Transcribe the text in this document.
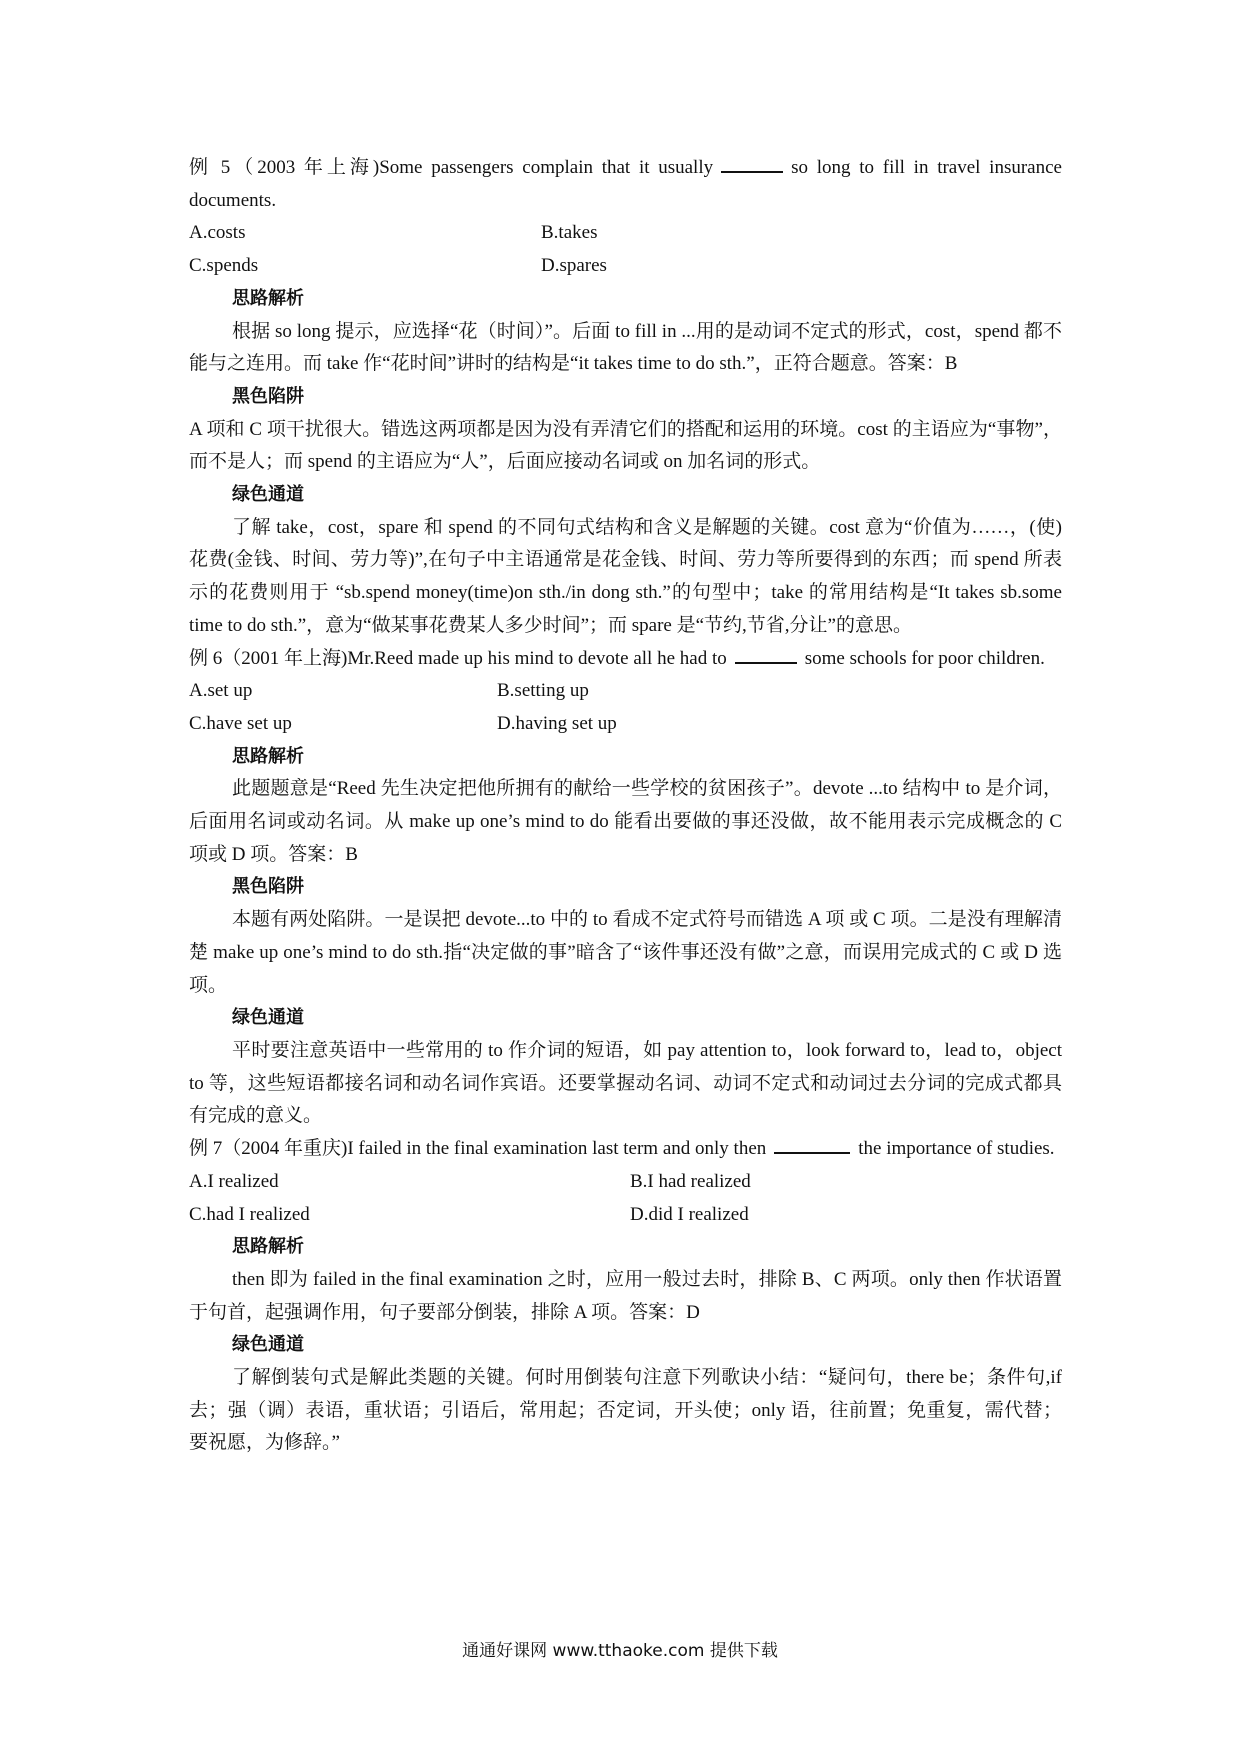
例 5（2003 年上海)Some passengers complain that it usually	so long to fill in travel insurance documents.

A.costs	B.takes
C.spends	D.spares

思路解析

根据 so long 提示，应选择“花（时间）”。后面 to fill in ...用的是动词不定式的形式，cost，spend 都不能与之连用。而 take 作“花时间”讲时的结构是“it takes time to do sth.”，正符合题意。答案：B

黑色陷阱

A 项和 C 项干扰很大。错选这两项都是因为没有弄清它们的搭配和运用的环境。cost 的主语应为“事物”，而不是人；而 spend 的主语应为“人”，后面应接动名词或 on 加名词的形式。

绿色通道

了解 take，cost，spare 和 spend 的不同句式结构和含义是解题的关键。cost 意为“价值为……，(使)花费(金钱、时间、劳力等)”,在句子中主语通常是花金钱、时间、劳力等所要得到的东西；而 spend 所表示的花费则用于 “sb.spend money(time)on sth./in dong sth.”的句型中；take 的常用结构是“It takes sb.some time to do sth.”，意为“做某事花费某人多少时间”；而 spare 是“节约,节省,分让”的意思。

例 6（2001 年上海)Mr.Reed made up his mind to devote all he had to	some schools for poor children.

A.set up	B.setting up
C.have set up	D.having set up

思路解析

此题题意是“Reed 先生决定把他所拥有的献给一些学校的贫困孩子”。devote ...to 结构中 to 是介词，后面用名词或动名词。从 make up one’s mind to do 能看出要做的事还没做，故不能用表示完成概念的 C 项或 D 项。答案：B

黑色陷阱

本题有两处陷阱。一是误把 devote...to 中的 to 看成不定式符号而错选 A 项 或 C 项。二是没有理解清楚 make up one’s mind to do sth.指“决定做的事”暗含了“该件事还没有做”之意，而误用完成式的 C 或 D 选项。

绿色通道

平时要注意英语中一些常用的 to 作介词的短语，如 pay attention to，look forward to，lead to，object to 等，这些短语都接名词和动名词作宾语。还要掌握动名词、动词不定式和动词过去分词的完成式都具有完成的意义。

例 7（2004 年重庆)I failed in the final examination last term and only then	the importance of studies.

A.I realized	B.I had realized
C.had I realized	D.did I realized

思路解析

then 即为 failed in the final examination 之时，应用一般过去时，排除 B、C 两项。only then 作状语置于句首，起强调作用，句子要部分倒装，排除 A 项。答案：D

绿色通道

了解倒装句式是解此类题的关键。何时用倒装句注意下列歌诀小结：“疑问句，there be；条件句,if 去；强（调）表语，重状语；引语后，常用起；否定词，开头使；only 语，往前置；免重复，需代替；要祝愿，为修辞。”

通通好课网 www.tthaoke.com 提供下载
